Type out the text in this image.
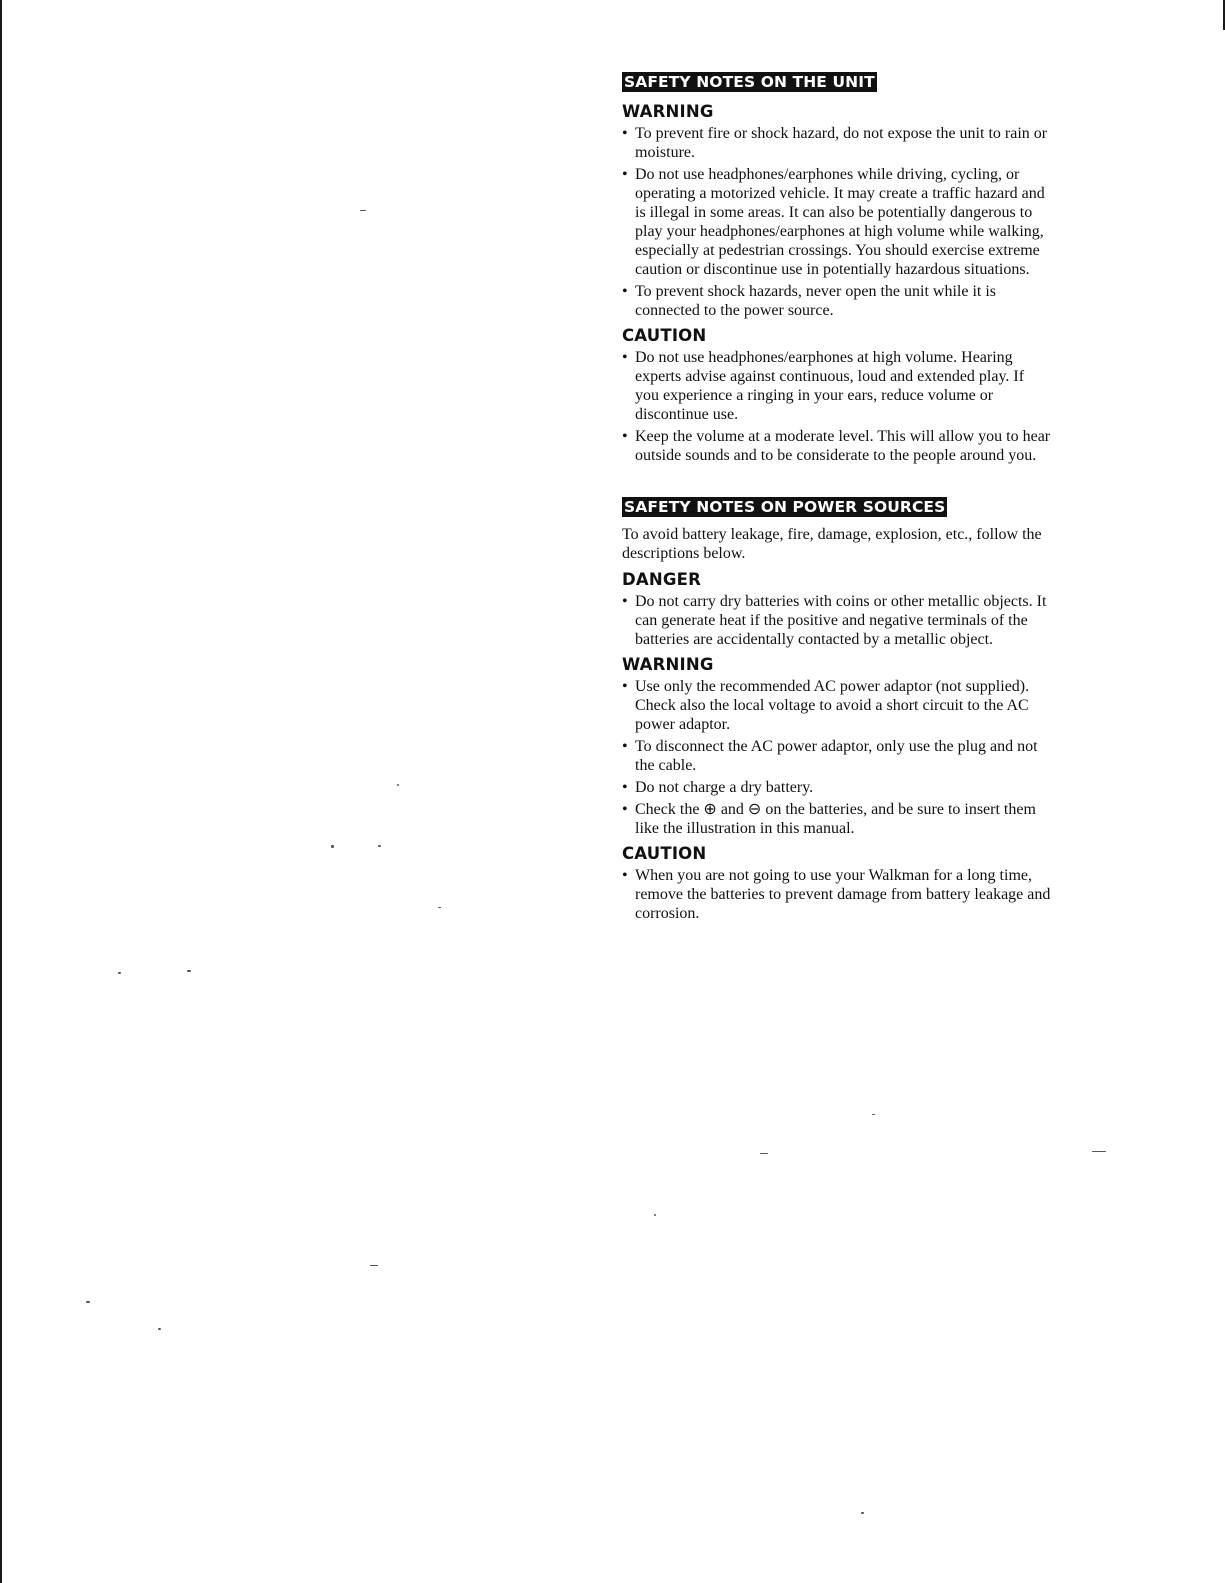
SAFETY NOTES ON THE UNIT
WARNING
• To prevent fire or shock hazard, do not expose the unit to rain or moisture.
• Do not use headphones/earphones while driving, cycling, or operating a motorized vehicle. It may create a traffic hazard and is illegal in some areas. It can also be potentially dangerous to play your headphones/earphones at high volume while walking, especially at pedestrian crossings. You should exercise extreme caution or discontinue use in potentially hazardous situations.
• To prevent shock hazards, never open the unit while it is connected to the power source.
CAUTION
• Do not use headphones/earphones at high volume. Hearing experts advise against continuous, loud and extended play. If you experience a ringing in your ears, reduce volume or discontinue use.
• Keep the volume at a moderate level. This will allow you to hear outside sounds and to be considerate to the people around you.
SAFETY NOTES ON POWER SOURCES
To avoid battery leakage, fire, damage, explosion, etc., follow the descriptions below.
DANGER
• Do not carry dry batteries with coins or other metallic objects. It can generate heat if the positive and negative terminals of the batteries are accidentally contacted by a metallic object.
WARNING
• Use only the recommended AC power adaptor (not supplied). Check also the local voltage to avoid a short circuit to the AC power adaptor.
• To disconnect the AC power adaptor, only use the plug and not the cable.
• Do not charge a dry battery.
• Check the ⊕ and ⊖ on the batteries, and be sure to insert them like the illustration in this manual.
CAUTION
• When you are not going to use your Walkman for a long time, remove the batteries to prevent damage from battery leakage and corrosion.
